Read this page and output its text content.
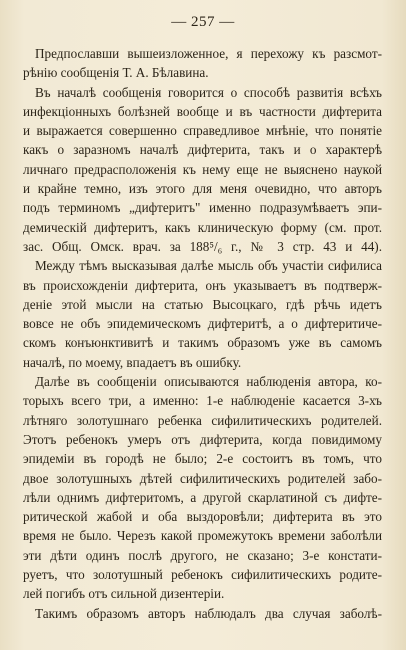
— 257 —
Предпославши вышеизложенное, я перехожу къ разсмот-
рѣнію сообщенія Т. А. Бѣлавина.
Въ началѣ сообщенія говорится о способѣ развитія всѣхъ
инфекціонныхъ болѣзней вообще и въ частности дифтерита
и выражается совершенно справедливое мнѣніе, что понятіе
какъ о заразномъ началѣ дифтерита, такъ и о характерѣ
личнаго предрасположенія къ нему еще не выяснено наукой
и крайне темно, изъ этого для меня очевидно, что авторъ
подъ терминомъ „дифтеритъ" именно подразумѣваетъ эпи-
демическій дифтеритъ, какъ клиническую форму (см. прот.
зас. Общ. Омск. врач. за 188⁵/₆ г., № 3 стр. 43 и 44).
Между тѣмъ высказывая далѣе мысль объ участіи сифилиса
въ происхожденіи дифтерита, онъ указываетъ въ подтверж-
деніе этой мысли на статью Высоцкаго, гдѣ рѣчь идетъ
вовсе не объ эпидемическомъ дифтеритѣ, а о дифтеритиче-
скомъ конъюнктивитѣ и такимъ образомъ уже въ самомъ
началѣ, по моему, впадаетъ въ ошибку.
Далѣе въ сообщеніи описываются наблюденія автора, ко-
торыхъ всего три, а именно: 1-е наблюденіе касается 3-хъ
лѣтняго золотушнаго ребенка сифилитическихъ родителей.
Этотъ ребенокъ умеръ отъ дифтерита, когда повидимому
эпидеміи въ городѣ не было; 2-е состоитъ въ томъ, что
двое золотушныхъ дѣтей сифилитическихъ родителей забо-
лѣли однимъ дифтеритомъ, а другой скарлатиной съ дифте-
ритической жабой и оба выздоровѣли; дифтерита въ это
время не было. Черезъ какой промежутокъ времени заболѣли
эти дѣти одинъ послѣ другого, не сказано; 3-е констати-
руетъ, что золотушный ребенокъ сифилитическихъ родите-
лей погибъ отъ сильной дизентеріи.
Такимъ образомъ авторъ наблюдалъ два случая заболѣ-
